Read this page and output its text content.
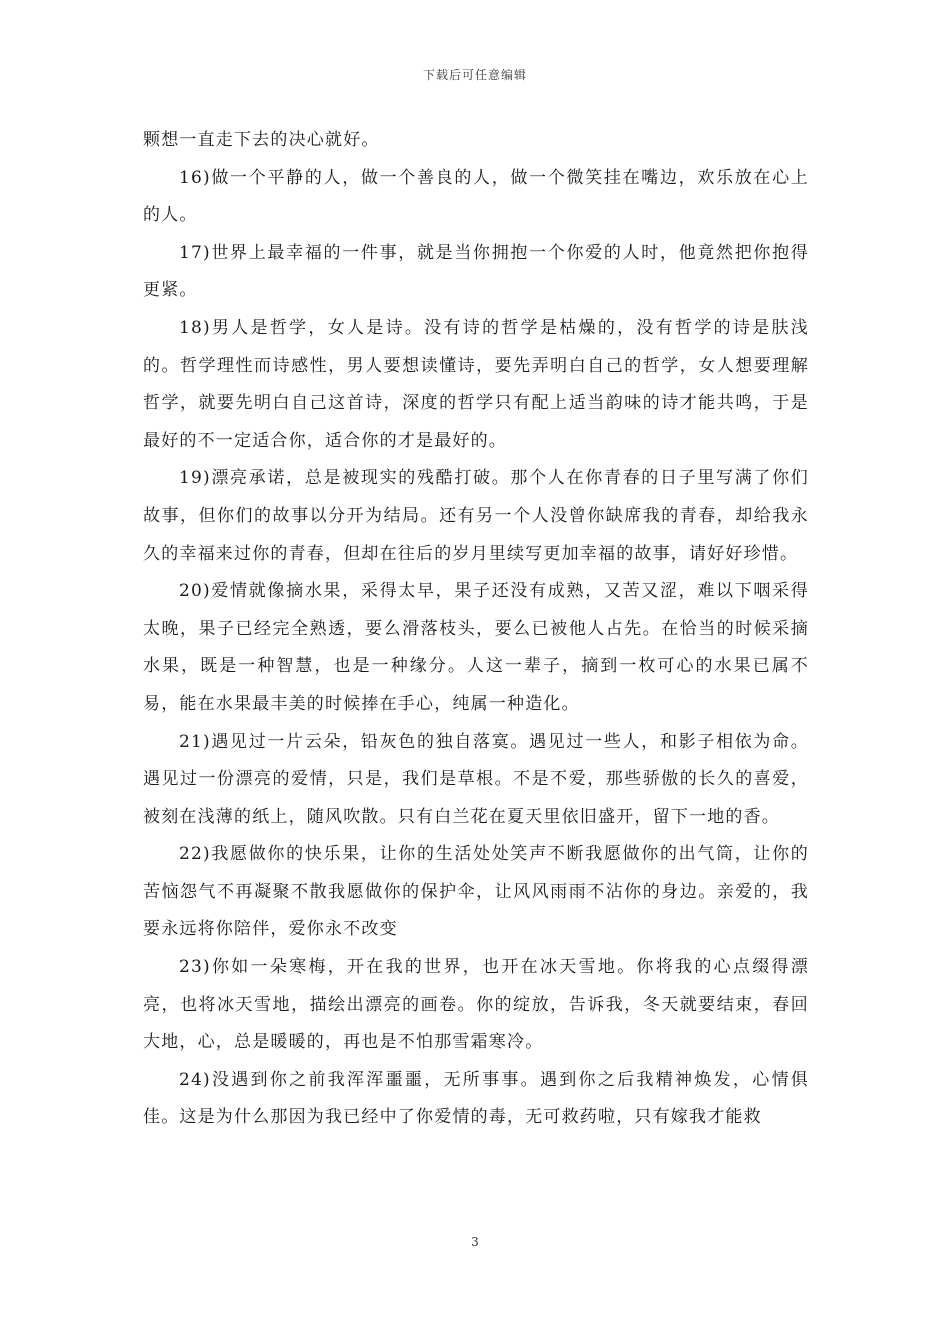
下载后可任意编辑

颗想一直走下去的决心就好。

16)做一个平静的人，做一个善良的人，做一个微笑挂在嘴边，欢乐放在心上的人。

17)世界上最幸福的一件事，就是当你拥抱一个你爱的人时，他竟然把你抱得更紧。

18)男人是哲学，女人是诗。没有诗的哲学是枯燥的，没有哲学的诗是肤浅的。哲学理性而诗感性，男人要想读懂诗，要先弄明白自己的哲学，女人想要理解哲学，就要先明白自己这首诗，深度的哲学只有配上适当韵味的诗才能共鸣，于是最好的不一定适合你，适合你的才是最好的。

19)漂亮承诺，总是被现实的残酷打破。那个人在你青春的日子里写满了你们故事，但你们的故事以分开为结局。还有另一个人没曾你缺席我的青春，却给我永久的幸福来过你的青春，但却在往后的岁月里续写更加幸福的故事，请好好珍惜。

20)爱情就像摘水果，采得太早，果子还没有成熟，又苦又涩，难以下咽采得太晚，果子已经完全熟透，要么滑落枝头，要么已被他人占先。在恰当的时候采摘水果，既是一种智慧，也是一种缘分。人这一辈子，摘到一枚可心的水果已属不易，能在水果最丰美的时候捧在手心，纯属一种造化。

21)遇见过一片云朵，铅灰色的独自落寞。遇见过一些人，和影子相依为命。遇见过一份漂亮的爱情，只是，我们是草根。不是不爱，那些骄傲的长久的喜爱，被刻在浅薄的纸上，随风吹散。只有白兰花在夏天里依旧盛开，留下一地的香。

22)我愿做你的快乐果，让你的生活处处笑声不断我愿做你的出气筒，让你的苦恼怨气不再凝聚不散我愿做你的保护伞，让风风雨雨不沾你的身边。亲爱的，我要永远将你陪伴，爱你永不改变

23)你如一朵寒梅，开在我的世界，也开在冰天雪地。你将我的心点缀得漂亮，也将冰天雪地，描绘出漂亮的画卷。你的绽放，告诉我，冬天就要结束，春回大地，心，总是暖暖的，再也是不怕那雪霜寒冷。

24)没遇到你之前我浑浑噩噩，无所事事。遇到你之后我精神焕发，心情俱佳。这是为什么那因为我已经中了你爱情的毒，无可救药啦，只有嫁我才能救

3
